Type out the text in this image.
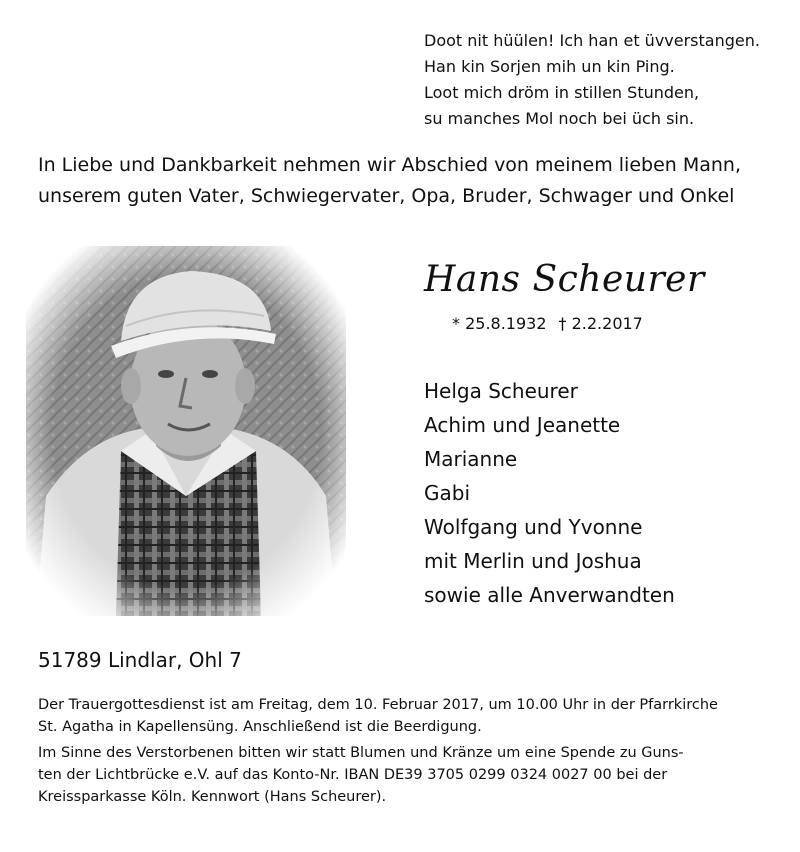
Doot nit hüülen! Ich han et üvverstangen.
Han kin Sorjen mih un kin Ping.
Loot mich dröm in stillen Stunden,
su manches Mol noch bei üch sin.
In Liebe und Dankbarkeit nehmen wir Abschied von meinem lieben Mann,
unserem guten Vater, Schwiegervater, Opa, Bruder, Schwager und Onkel
Hans Scheurer
* 25.8.1932 † 2.2.2017
Helga Scheurer
Achim und Jeanette
Marianne
Gabi
Wolfgang und Yvonne
mit Merlin und Joshua
sowie alle Anverwandten
51789 Lindlar, Ohl 7
Der Trauergottesdienst ist am Freitag, dem 10. Februar 2017, um 10.00 Uhr in der Pfarrkirche
St. Agatha in Kapellensüng. Anschließend ist die Beerdigung.
Im Sinne des Verstorbenen bitten wir statt Blumen und Kränze um eine Spende zu Guns-
ten der Lichtbrücke e.V. auf das Konto-Nr. IBAN DE39 3705 0299 0324 0027 00 bei der
Kreissparkasse Köln. Kennwort (Hans Scheurer).
